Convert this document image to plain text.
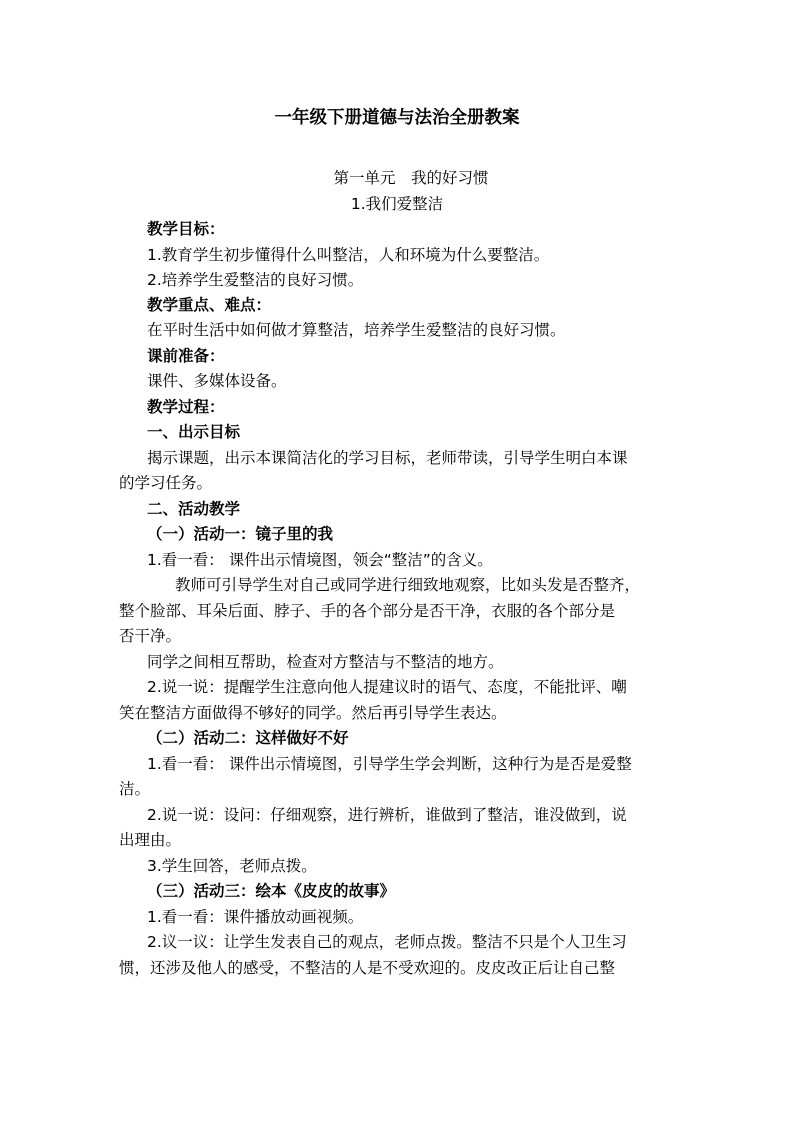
一年级下册道德与法治全册教案
第一单元　我的好习惯
1.我们爱整洁
教学目标：
1.教育学生初步懂得什么叫整洁，人和环境为什么要整洁。
2.培养学生爱整洁的良好习惯。
教学重点、难点：
在平时生活中如何做才算整洁，培养学生爱整洁的良好习惯。
课前准备：
课件、多媒体设备。
教学过程：
一、出示目标
揭示课题，出示本课简洁化的学习目标，老师带读，引导学生明白本课
的学习任务。
二、活动教学
（一）活动一：镜子里的我
1.看一看： 课件出示情境图，领会“整洁”的含义。
教师可引导学生对自己或同学进行细致地观察，比如头发是否整齐，
整个脸部、耳朵后面、脖子、手的各个部分是否干净，衣服的各个部分是
否干净。
同学之间相互帮助，检查对方整洁与不整洁的地方。
2.说一说：提醒学生注意向他人提建议时的语气、态度，不能批评、嘲
笑在整洁方面做得不够好的同学。然后再引导学生表达。
（二）活动二：这样做好不好
1.看一看： 课件出示情境图，引导学生学会判断，这种行为是否是爱整
洁。
2.说一说：设问：仔细观察，进行辨析，谁做到了整洁，谁没做到，说
出理由。
3.学生回答，老师点拨。
（三）活动三：绘本《皮皮的故事》
1.看一看：课件播放动画视频。
2.议一议：让学生发表自己的观点，老师点拨。整洁不只是个人卫生习
惯，还涉及他人的感受，不整洁的人是不受欢迎的。皮皮改正后让自己整
